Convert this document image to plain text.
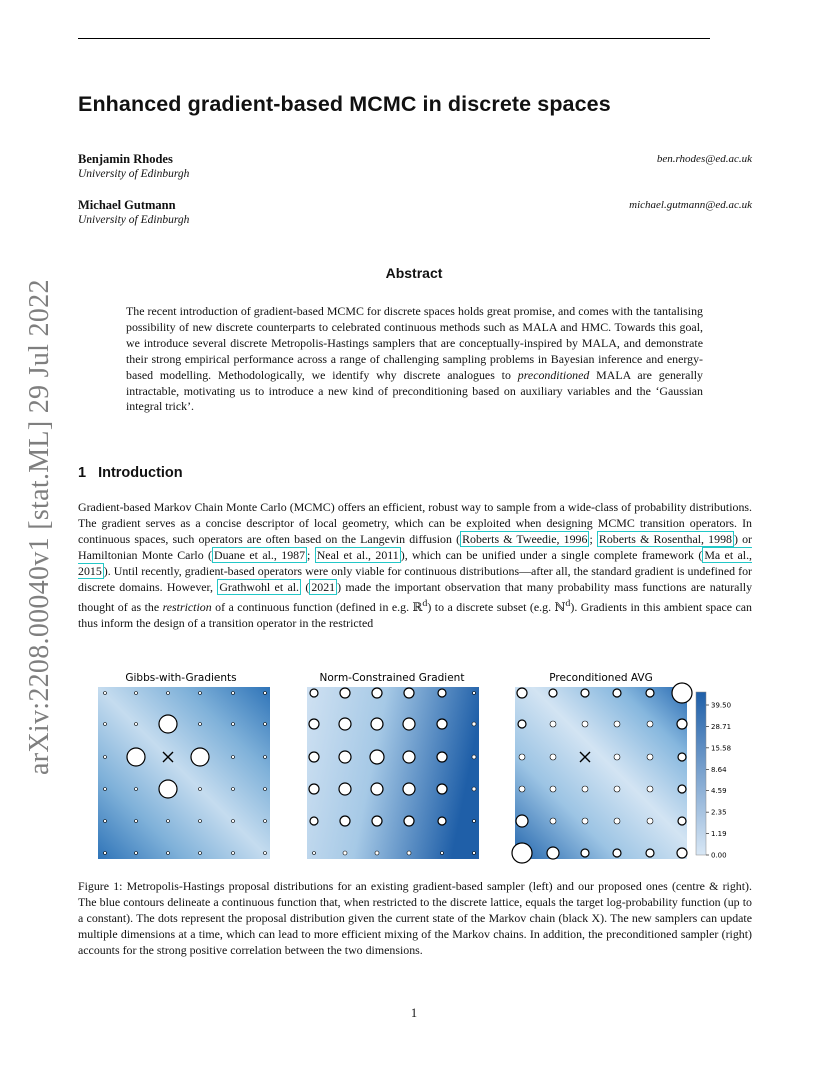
Enhanced gradient-based MCMC in discrete spaces
Benjamin Rhodes
University of Edinburgh
ben.rhodes@ed.ac.uk
Michael Gutmann
University of Edinburgh
michael.gutmann@ed.ac.uk
Abstract
The recent introduction of gradient-based MCMC for discrete spaces holds great promise, and comes with the tantalising possibility of new discrete counterparts to celebrated continuous methods such as MALA and HMC. Towards this goal, we introduce several discrete Metropolis-Hastings samplers that are conceptually-inspired by MALA, and demonstrate their strong empirical performance across a range of challenging sampling problems in Bayesian inference and energy-based modelling. Methodologically, we identify why discrete analogues to preconditioned MALA are generally intractable, motivating us to introduce a new kind of preconditioning based on auxiliary variables and the ‘Gaussian integral trick’.
1 Introduction
Gradient-based Markov Chain Monte Carlo (MCMC) offers an efficient, robust way to sample from a wide-class of probability distributions. The gradient serves as a concise descriptor of local geometry, which can be exploited when designing MCMC transition operators. In continuous spaces, such operators are often based on the Langevin diffusion ( Roberts & Tweedie, 1996 ; Roberts & Rosenthal, 1998 ) or Hamiltonian Monte Carlo ( Duane et al., 1987 ; Neal et al., 2011 ), which can be unified under a single complete framework ( Ma et al., 2015 ). Until recently, gradient-based operators were only viable for continuous distributions—after all, the standard gradient is undefined for discrete domains. However, Grathwohl et al. ( 2021 ) made the important observation that many probability mass functions are naturally thought of as the restriction of a continuous function (defined in e.g. ℝ$^d$) to a discrete subset (e.g. ℕ$^d$). Gradients in this ambient space can thus inform the design of a transition operator in the restricted
arXiv:2208.00040v1 [stat.ML] 29 Jul 2022	Gibbs-with-Gradients	Norm-Constrained Gradient	Preconditioned AVG
39.50
28.71
15.58
8.64
4.59
2.35
1.19
0.00
Figure 1: Metropolis-Hastings proposal distributions for an existing gradient-based sampler (left) and our proposed ones (centre & right). The blue contours delineate a continuous function that, when restricted to the discrete lattice, equals the target log-probability function (up to a constant). The dots represent the proposal distribution given the current state of the Markov chain (black X). The new samplers can update multiple dimensions at a time, which can lead to more efficient mixing of the Markov chains. In addition, the preconditioned sampler (right) accounts for the strong positive correlation between the two dimensions.
1
